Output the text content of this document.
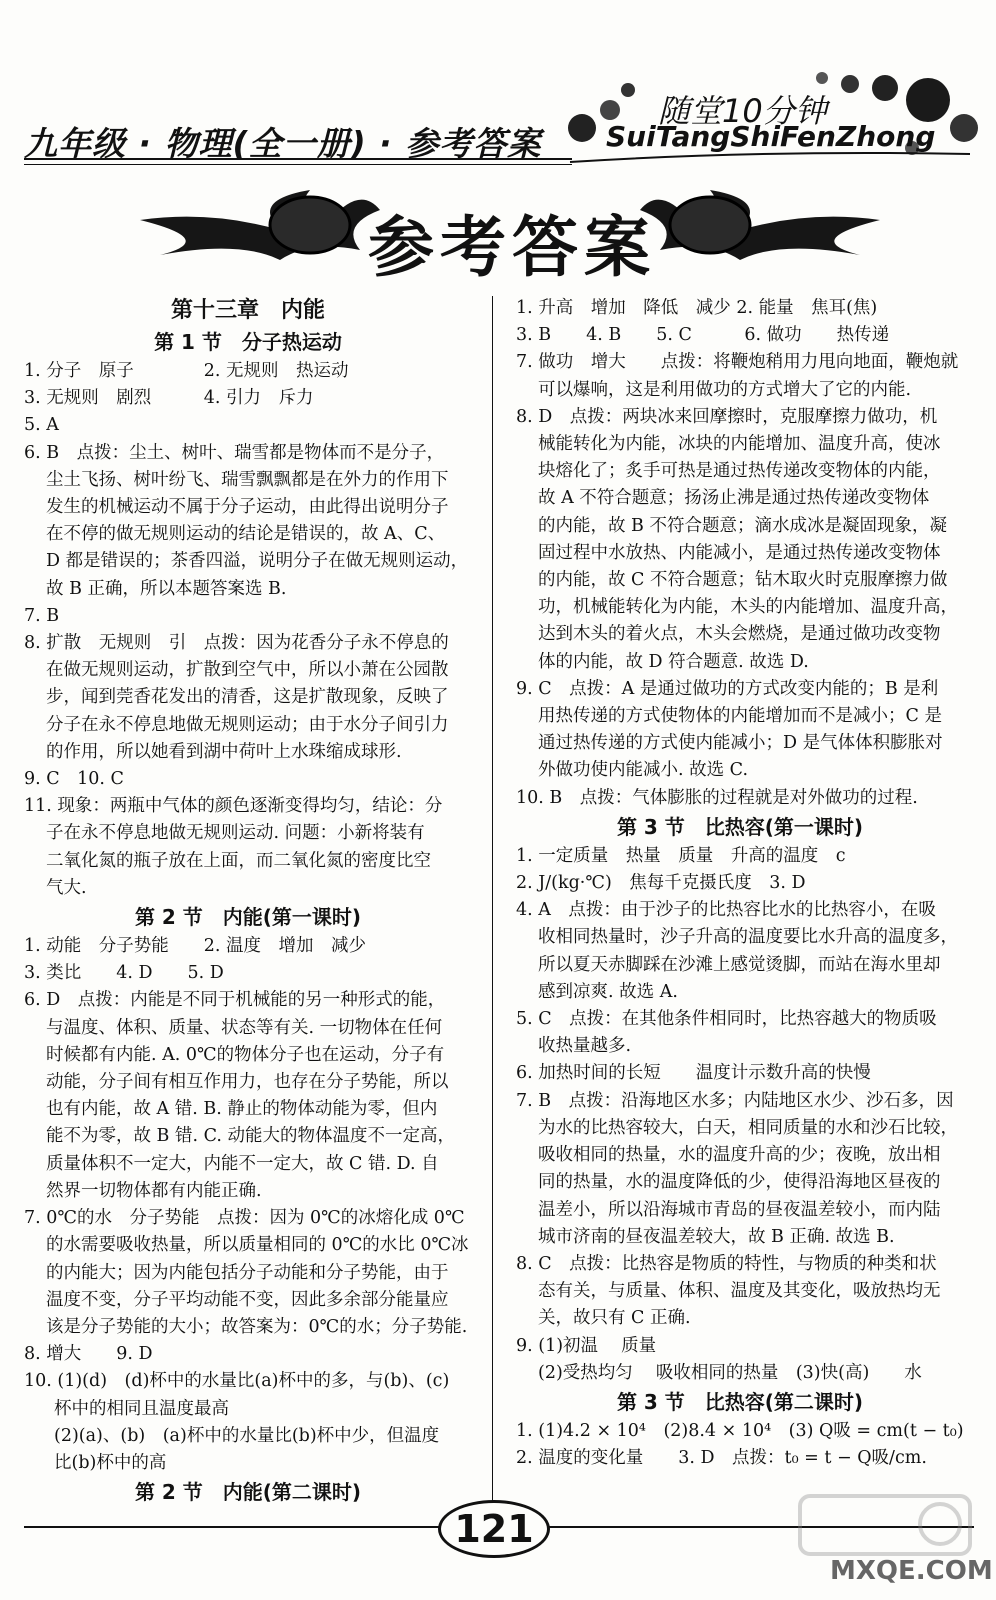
九年级 · 物理(全一册) · 参考答案
随堂10分钟
SuiTangShiFenZhong
参考答案
第十三章　内能
第 1 节　分子热运动
1. 分子　原子　　　　2. 无规则　热运动
3. 无规则　剧烈　　　4. 引力　斥力
5. A
6. B　点拨：尘土、树叶、瑞雪都是物体而不是分子，
尘土飞扬、树叶纷飞、瑞雪飘飘都是在外力的作用下
发生的机械运动不属于分子运动，由此得出说明分子
在不停的做无规则运动的结论是错误的，故 A、C、
D 都是错误的；茶香四溢，说明分子在做无规则运动，
故 B 正确，所以本题答案选 B.
7. B
8. 扩散　无规则　引　点拨：因为花香分子永不停息的
在做无规则运动，扩散到空气中，所以小萧在公园散
步，闻到莞香花发出的清香，这是扩散现象，反映了
分子在永不停息地做无规则运动；由于水分子间引力
的作用，所以她看到湖中荷叶上水珠缩成球形.
9. C　10. C
11. 现象：两瓶中气体的颜色逐渐变得均匀，结论：分
子在永不停息地做无规则运动. 问题：小新将装有
二氧化氮的瓶子放在上面，而二氧化氮的密度比空
气大.
第 2 节　内能(第一课时)
1. 动能　分子势能　　2. 温度　增加　减少
3. 类比　　4. D　　5. D
6. D　点拨：内能是不同于机械能的另一种形式的能，
与温度、体积、质量、状态等有关. 一切物体在任何
时候都有内能. A. 0℃的物体分子也在运动，分子有
动能，分子间有相互作用力，也存在分子势能，所以
也有内能，故 A 错. B. 静止的物体动能为零，但内
能不为零，故 B 错. C. 动能大的物体温度不一定高，
质量体积不一定大，内能不一定大，故 C 错. D. 自
然界一切物体都有内能正确.
7. 0℃的水　分子势能　点拨：因为 0℃的冰熔化成 0℃
的水需要吸收热量，所以质量相同的 0℃的水比 0℃冰
的内能大；因为内能包括分子动能和分子势能，由于
温度不变，分子平均动能不变，因此多余部分能量应
该是分子势能的大小；故答案为：0℃的水；分子势能.
8. 增大　　9. D
10. (1)(d)　(d)杯中的水量比(a)杯中的多，与(b)、(c)
杯中的相同且温度最高
(2)(a)、(b)　(a)杯中的水量比(b)杯中少，但温度
比(b)杯中的高
第 2 节　内能(第二课时)
1. 升高　增加　降低　减少 2. 能量　焦耳(焦)
3. B　　4. B　　5. C　　　6. 做功　　热传递
7. 做功　增大　　点拨：将鞭炮稍用力甩向地面，鞭炮就
可以爆响，这是利用做功的方式增大了它的内能.
8. D　点拨：两块冰来回摩擦时，克服摩擦力做功，机
械能转化为内能，冰块的内能增加、温度升高，使冰
块熔化了；炙手可热是通过热传递改变物体的内能，
故 A 不符合题意；扬汤止沸是通过热传递改变物体
的内能，故 B 不符合题意；滴水成冰是凝固现象，凝
固过程中水放热、内能减小，是通过热传递改变物体
的内能，故 C 不符合题意；钻木取火时克服摩擦力做
功，机械能转化为内能，木头的内能增加、温度升高，
达到木头的着火点，木头会燃烧，是通过做功改变物
体的内能，故 D 符合题意. 故选 D.
9. C　点拨：A 是通过做功的方式改变内能的；B 是利
用热传递的方式使物体的内能增加而不是减小；C 是
通过热传递的方式使内能减小；D 是气体体积膨胀对
外做功使内能减小. 故选 C.
10. B　点拨：气体膨胀的过程就是对外做功的过程.
第 3 节　比热容(第一课时)
1. 一定质量　热量　质量　升高的温度　c
2. J/(kg·℃)　焦每千克摄氏度　3. D
4. A　点拨：由于沙子的比热容比水的比热容小，在吸
收相同热量时，沙子升高的温度要比水升高的温度多，
所以夏天赤脚踩在沙滩上感觉烫脚，而站在海水里却
感到凉爽. 故选 A.
5. C　点拨：在其他条件相同时，比热容越大的物质吸
收热量越多.
6. 加热时间的长短　　温度计示数升高的快慢
7. B　点拨：沿海地区水多；内陆地区水少、沙石多，因
为水的比热容较大，白天，相同质量的水和沙石比较，
吸收相同的热量，水的温度升高的少；夜晚，放出相
同的热量，水的温度降低的少，使得沿海地区昼夜的
温差小，所以沿海城市青岛的昼夜温差较小，而内陆
城市济南的昼夜温差较大，故 B 正确. 故选 B.
8. C　点拨：比热容是物质的特性，与物质的种类和状
态有关，与质量、体积、温度及其变化，吸放热均无
关，故只有 C 正确.
9. (1)初温　 质量
(2)受热均匀　 吸收相同的热量　(3)快(高)　　水
第 3 节　比热容(第二课时)
1. (1)4.2 × 10⁴　(2)8.4 × 10⁴　(3) Q吸 = cm(t − t₀)
2. 温度的变化量　　3. D　点拨：t₀ = t − Q吸/cm.
121
MXQE.COM
